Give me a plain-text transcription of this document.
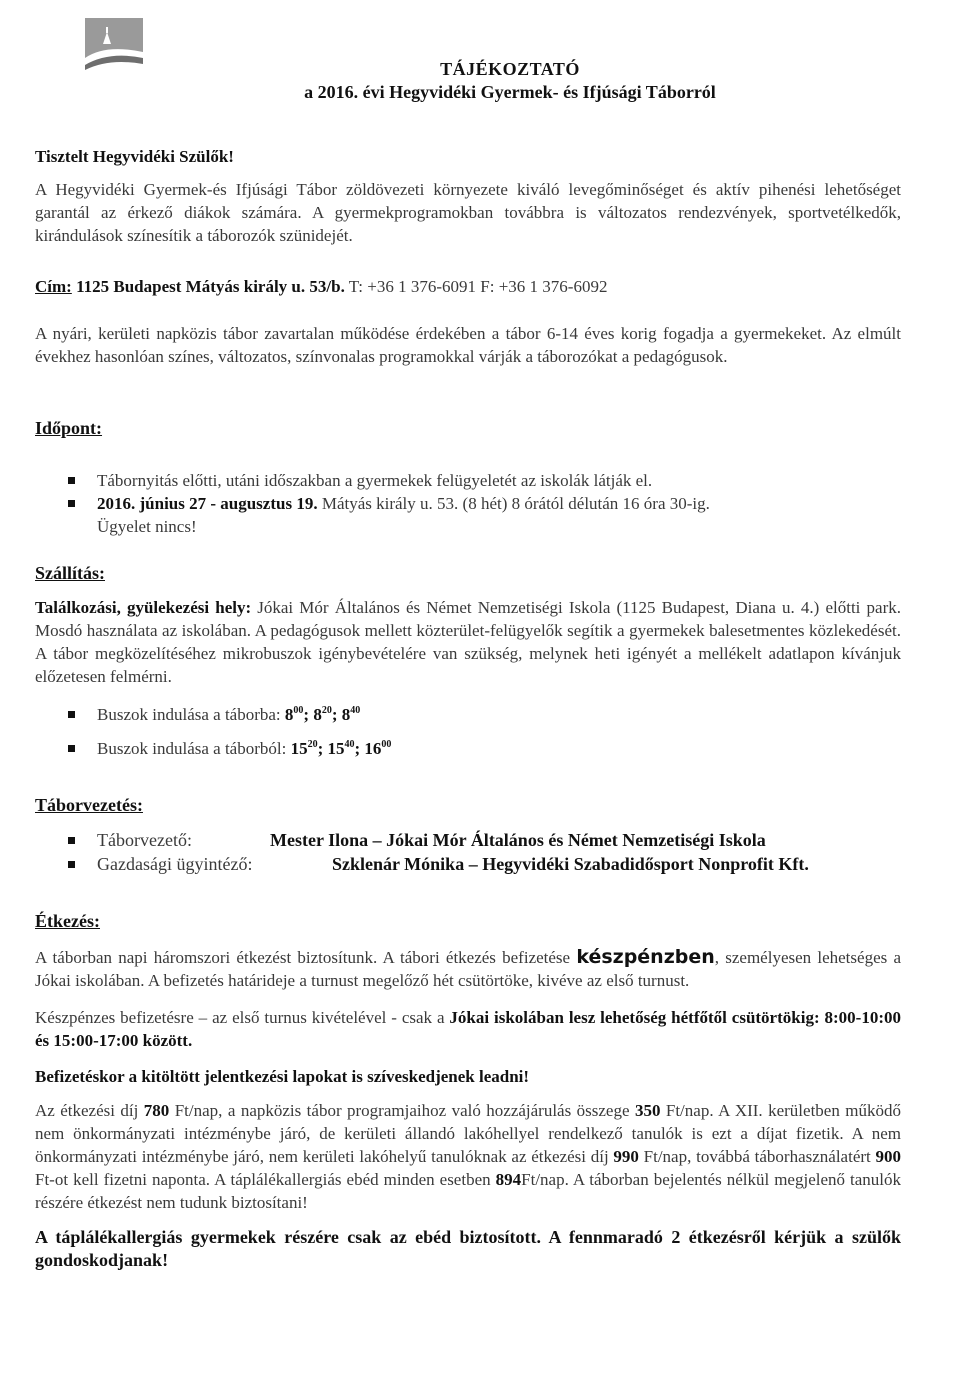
TÁJÉKOZTATÓ
a 2016. évi Hegyvidéki Gyermek- és Ifjúsági Táborról
Tisztelt Hegyvidéki Szülők!

A Hegyvidéki Gyermek-és Ifjúsági Tábor zöldövezeti környezete kiváló levegőminőséget és aktív pihenési lehetőséget garantál az érkező diákok számára. A gyermekprogramokban továbbra is változatos rendezvények, sportvetélkedők, kirándulások színesítik a táborozók szünidejét.

Cím: 1125 Budapest Mátyás király u. 53/b. T: +36 1 376-6091 F: +36 1 376-6092

A nyári, kerületi napközis tábor zavartalan működése érdekében a tábor 6-14 éves korig fogadja a gyermekeket. Az elmúlt évekhez hasonlóan színes, változatos, színvonalas programokkal várják a táborozókat a pedagógusok.

Időpont:
Tábornyitás előtti, utáni időszakban a gyermekek felügyeletét az iskolák látják el.
2016. június 27 - augusztus 19. Mátyás király u. 53. (8 hét) 8 órától délután 16 óra 30-ig.
Ügyelet nincs!
Szállítás:

Találkozási, gyülekezési hely: Jókai Mór Általános és Német Nemzetiségi Iskola (1125 Budapest, Diana u. 4.) előtti park. Mosdó használata az iskolában. A pedagógusok mellett közterület-felügyelők segítik a gyermekek balesetmentes közlekedését. A tábor megközelítéséhez mikrobuszok igénybevételére van szükség, melynek heti igényét a mellékelt adatlapon kívánjuk előzetesen felmérni.

Buszok indulása a táborba: $8^{00}$; $8^{20}$; $8^{40}$
Buszok indulása a táborból: $15^{20}$; $15^{40}$; $16^{00}$
Táborvezetés:
Táborvezető:	Mester Ilona – Jókai Mór Általános és Német Nemzetiségi Iskola
Gazdasági ügyintéző:	Szklenár Mónika – Hegyvidéki Szabadidősport Nonprofit Kft.
Étkezés:

A táborban napi háromszori étkezést biztosítunk. A tábori étkezés befizetése készpénzben, személyesen lehetséges a Jókai iskolában. A befizetés határideje a turnust megelőző hét csütörtöke, kivéve az első turnust.

Készpénzes befizetésre – az első turnus kivételével - csak a Jókai iskolában lesz lehetőség hétfőtől csütörtökig: 8:00-10:00 és 15:00-17:00 között.

Befizetéskor a kitöltött jelentkezési lapokat is szíveskedjenek leadni!

Az étkezési díj 780 Ft/nap, a napközis tábor programjaihoz való hozzájárulás összege 350 Ft/nap. A XII. kerületben működő nem önkormányzati intézménybe járó, de kerületi állandó lakóhellyel rendelkező tanulók is ezt a díjat fizetik. A nem önkormányzati intézménybe járó, nem kerületi lakóhelyű tanulóknak az étkezési díj 990 Ft/nap, továbbá táborhasználatért 900 Ft-ot kell fizetni naponta. A táplálékallergiás ebéd minden esetben 894Ft/nap. A táborban bejelentés nélkül megjelenő tanulók részére étkezést nem tudunk biztosítani!

A táplálékallergiás gyermekek részére csak az ebéd biztosított. A fennmaradó 2 étkezésről kérjük a szülők gondoskodjanak!
